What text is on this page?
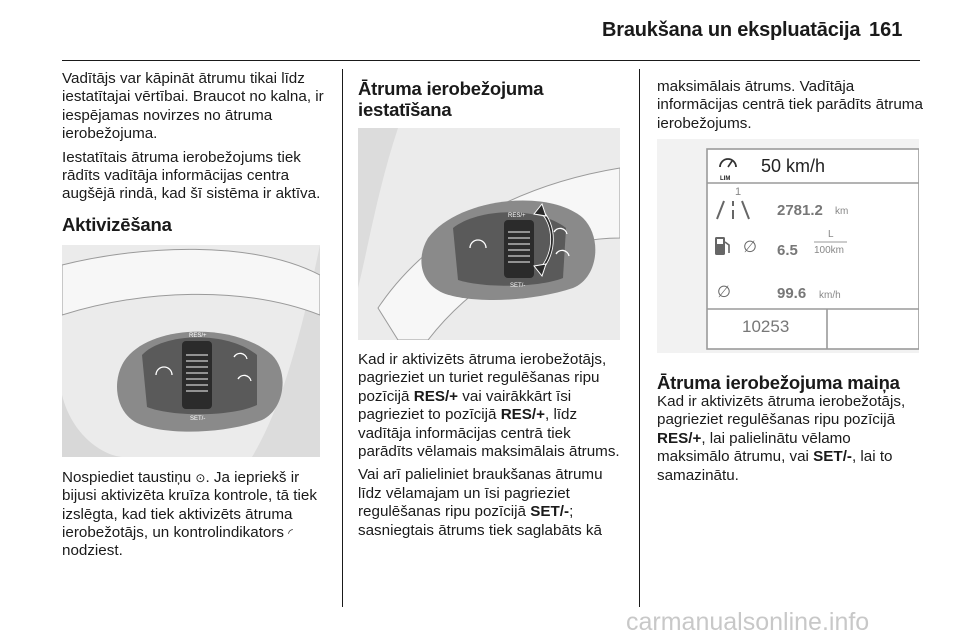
Braukšana un ekspluatācija 161

Vadītājs var kāpināt ātrumu tikai līdz iestatītajai vērtībai. Braucot no kalna, ir iespējamas novirzes no ātruma ierobežojuma.

Iestatītais ātruma ierobežojums tiek rādīts vadītāja informācijas centra augšējā rindā, kad šī sistēma ir aktīva.

Aktivizēšana
RES/+
SET/-

Nospiediet taustiņu ⊙. Ja iepriekš ir bijusi aktivizēta kruīza kontrole, tā tiek izslēgta, kad tiek aktivizēts ātruma ierobežotājs, un kontrolindikators ◜ nodziest.

Ātruma ierobežojuma iestatīšana
RES/+
SET/-

Kad ir aktivizēts ātruma ierobežotājs, pagrieziet un turiet regulēšanas ripu pozīcijā RES/+ vai vairākkārt īsi pagrieziet to pozīcijā RES/+, līdz vadītāja informācijas centrā tiek parādīts vēlamais maksimālais ātrums.

Vai arī palieliniet braukšanas ātrumu līdz vēlamajam un īsi pagrieziet regulēšanas ripu pozīcijā SET/-; sasniegtais ātrums tiek saglabāts kā

maksimālais ātrums. Vadītāja informācijas centrā tiek parādīts ātruma ierobežojums.

LIM
50 km/h
1
2781.2 km
∅ 6.5
L
100km
∅	99.6 km/h
10253
Ātruma ierobežojuma maiņa

Kad ir aktivizēts ātruma ierobežotājs, pagrieziet regulēšanas ripu pozīcijā RES/+, lai palielinātu vēlamo maksimālo ātrumu, vai SET/-, lai to samazinātu.

carmanualsonline.info
